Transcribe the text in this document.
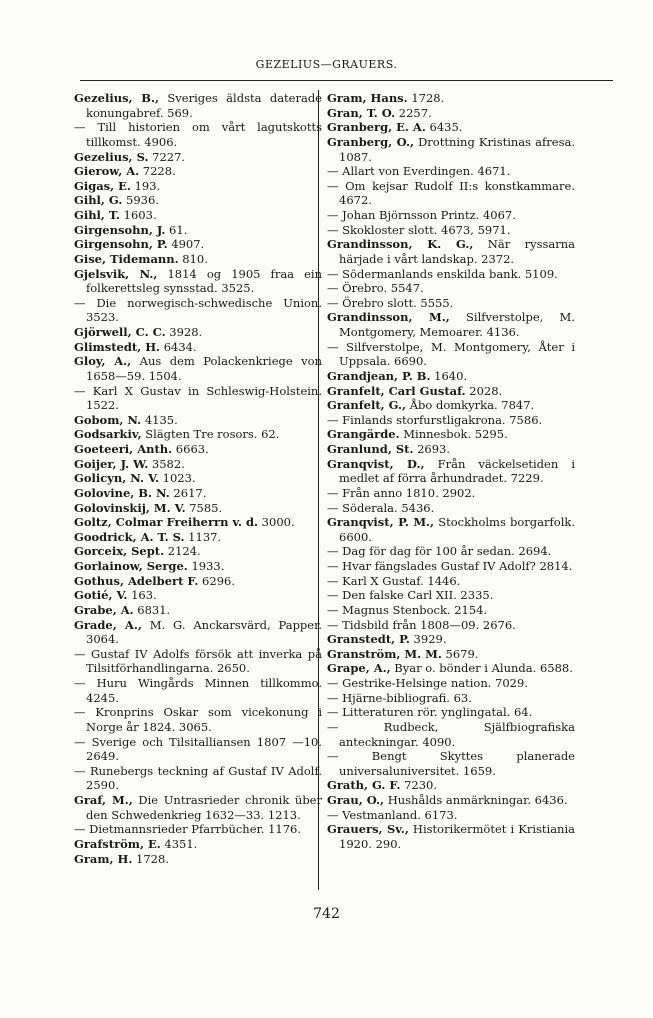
GEZELIUS—GRAUERS.

Gezelius, B., Sveriges äldsta daterade konungabref. 569.

— Till historien om vårt lagutskotts tillkomst. 4906.

Gezelius, S. 7227.

Gierow, A. 7228.

Gigas, E. 193.

Gihl, G. 5936.

Gihl, T. 1603.

Girgensohn, J. 61.

Girgensohn, P. 4907.

Gise, Tidemann. 810.

Gjelsvik, N., 1814 og 1905 fraa ein folkerettsleg synsstad. 3525.

— Die norwegisch-schwedische Union. 3523.

Gjörwell, C. C. 3928.

Glimstedt, H. 6434.

Gloy, A., Aus dem Polackenkriege von 1658—59. 1504.

— Karl X Gustav in Schleswig-Holstein. 1522.

Gobom, N. 4135.

Godsarkiv, Slägten Tre rosors. 62.

Goeteeri, Anth. 6663.

Goijer, J. W. 3582.

Golicyn, N. V. 1023.

Golovine, B. N. 2617.

Golovinskij, M. V. 7585.

Goltz, Colmar Freiherrn v. d. 3000.

Goodrick, A. T. S. 1137.

Gorceix, Sept. 2124.

Gorlainow, Serge. 1933.

Gothus, Adelbert F. 6296.

Gotié, V. 163.

Grabe, A. 6831.

Grade, A., M. G. Anckarsvärd, Papper. 3064.

— Gustaf IV Adolfs försök att inverka på Tilsitförhandlingarna. 2650.

— Huru Wingårds Minnen tillkommo. 4245.

— Kronprins Oskar som vicekonung i Norge år 1824. 3065.

— Sverige och Tilsitalliansen 1807 —10. 2649.

— Runebergs teckning af Gustaf IV Adolf. 2590.

Graf, M., Die Untrasrieder chronik über den Schwedenkrieg 1632—33. 1213.

— Dietmannsrieder Pfarrbücher. 1176.

Grafström, E. 4351.

Gram, H. 1728.

Gram, Hans. 1728.

Gran, T. O. 2257.

Granberg, E. A. 6435.

Granberg, O., Drottning Kristinas afresa. 1087.

— Allart von Everdingen. 4671.

— Om kejsar Rudolf II:s konstkammare. 4672.

— Johan Björnsson Printz. 4067.

— Skokloster slott. 4673, 5971.

Grandinsson, K. G., När ryssarna härjade i vårt landskap. 2372.

— Södermanlands enskilda bank. 5109.

— Örebro. 5547.

— Örebro slott. 5555.

Grandinsson, M., Silfverstolpe, M. Montgomery, Memoarer. 4136.

— Silfverstolpe, M. Montgomery, Åter i Uppsala. 6690.

Grandjean, P. B. 1640.

Granfelt, Carl Gustaf. 2028.

Granfelt, G., Åbo domkyrka. 7847.

— Finlands storfurstligakrona. 7586.

Grangärde. Minnesbok. 5295.

Granlund, St. 2693.

Granqvist, D., Från väckelsetiden i medlet af förra århundradet. 7229.

— Från anno 1810. 2902.

— Söderala. 5436.

Granqvist, P. M., Stockholms borgarfolk. 6600.

— Dag för dag för 100 år sedan. 2694.

— Hvar fängslades Gustaf IV Adolf? 2814.

— Karl X Gustaf. 1446.

— Den falske Carl XII. 2335.

— Magnus Stenbock. 2154.

— Tidsbild från 1808—09. 2676.

Granstedt, P. 3929.

Granström, M. M. 5679.

Grape, A., Byar o. bönder i Alunda. 6588.

— Gestrike-Helsinge nation. 7029.

— Hjärne-bibliografi. 63.

— Litteraturen rör. ynglingatal. 64.

— Rudbeck, Själfbiografiska anteckningar. 4090.

— Bengt Skyttes planerade universaluniversitet. 1659.

Grath, G. F. 7230.

Grau, O., Hushålds anmärkningar. 6436.

— Vestmanland. 6173.

Grauers, Sv., Historikermötet i Kristiania 1920. 290.

742
